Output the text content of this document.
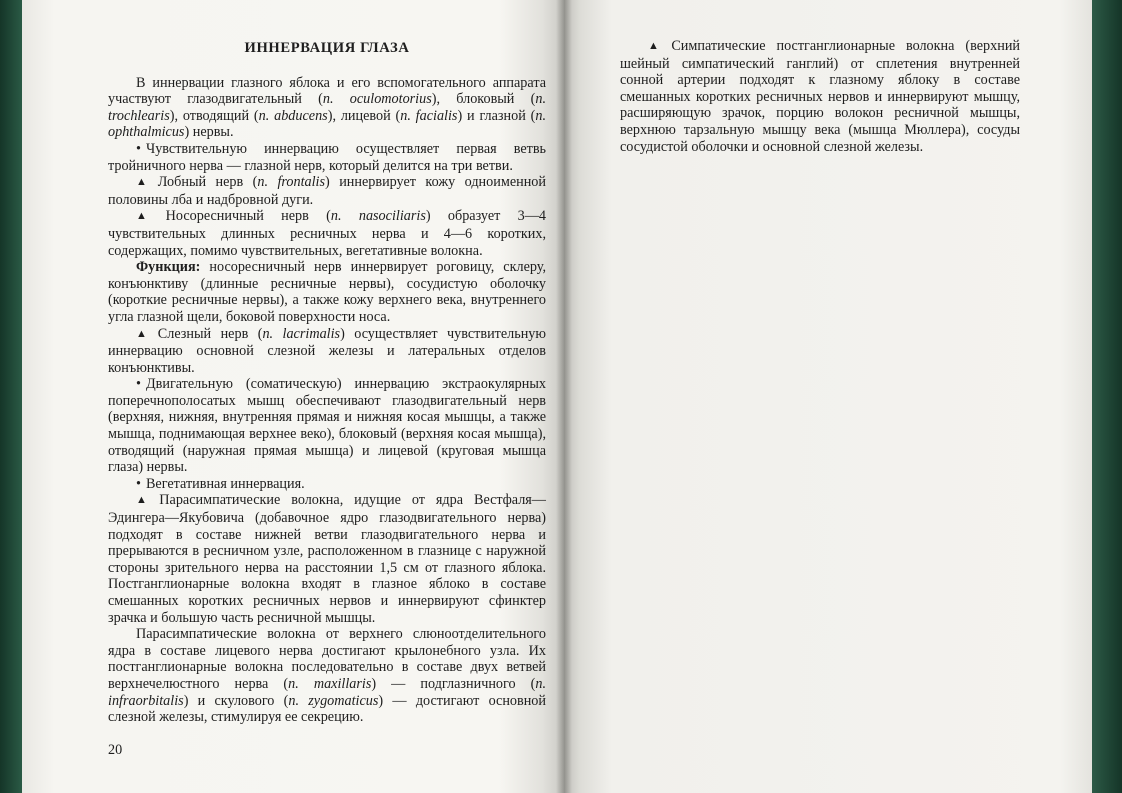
ИННЕРВАЦИЯ ГЛАЗА

В иннервации глазного яблока и его вспомогательного аппарата участвуют глазодвигательный (n. oculomotorius), блоковый (n. trochlearis), отводящий (n. abducens), лицевой (n. facialis) и глазной (n. ophthalmicus) нервы.

• Чувствительную иннервацию осуществляет первая ветвь тройничного нерва — глазной нерв, который делится на три ветви.

▲ Лобный нерв (n. frontalis) иннервирует кожу одноименной половины лба и надбровной дуги.

▲ Носоресничный нерв (n. nasociliaris) образует 3—4 чувствительных длинных ресничных нерва и 4—6 коротких, содержащих, помимо чувствительных, вегетативные волокна.

Функция: носоресничный нерв иннервирует роговицу, склеру, конъюнктиву (длинные ресничные нервы), сосудистую оболочку (короткие ресничные нервы), а также кожу верхнего века, внутреннего угла глазной щели, боковой поверхности носа.

▲ Слезный нерв (n. lacrimalis) осуществляет чувствительную иннервацию основной слезной железы и латеральных отделов конъюнктивы.

• Двигательную (соматическую) иннервацию экстраокулярных поперечнополосатых мышц обеспечивают глазодвигательный нерв (верхняя, нижняя, внутренняя прямая и нижняя косая мышцы, а также мышца, поднимающая верхнее веко), блоковый (верхняя косая мышца), отводящий (наружная прямая мышца) и лицевой (круговая мышца глаза) нервы.

• Вегетативная иннервация.

▲ Парасимпатические волокна, идущие от ядра Вестфаля—Эдингера—Якубовича (добавочное ядро глазодвигательного нерва) подходят в составе нижней ветви глазодвигательного нерва и прерываются в ресничном узле, расположенном в глазнице с наружной стороны зрительного нерва на расстоянии 1,5 см от глазного яблока. Постганглионарные волокна входят в глазное яблоко в составе смешанных коротких ресничных нервов и иннервируют сфинктер зрачка и большую часть ресничной мышцы.

Парасимпатические волокна от верхнего слюноотделительного ядра в составе лицевого нерва достигают крылонебного узла. Их постганглионарные волокна последовательно в составе двух ветвей верхнечелюстного нерва (n. maxillaris) — подглазничного (n. infraorbitalis) и скулового (n. zygomaticus) — достигают основной слезной железы, стимулируя ее секрецию.

20

▲ Симпатические постганглионарные волокна (верхний шейный симпатический ганглий) от сплетения внутренней сонной артерии подходят к глазному яблоку в составе смешанных коротких ресничных нервов и иннервируют мышцу, расширяющую зрачок, порцию волокон ресничной мышцы, верхнюю тарзальную мышцу века (мышца Мюллера), сосуды сосудистой оболочки и основной слезной железы.
